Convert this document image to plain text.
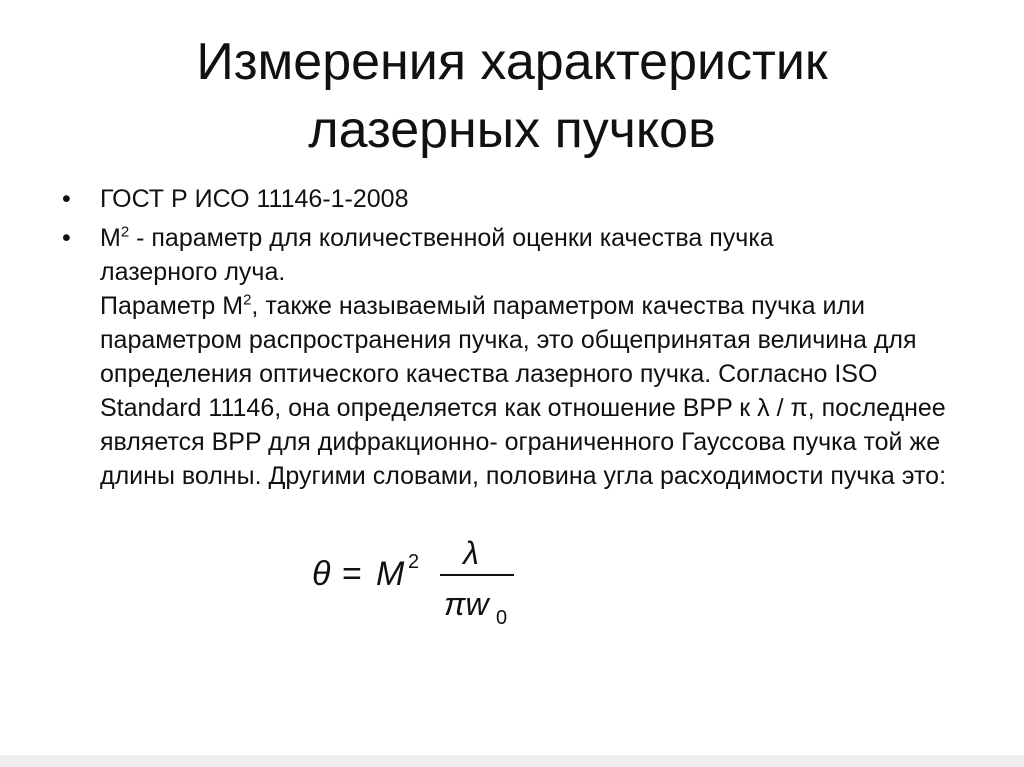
Измерения характеристик
лазерных пучков
•	ГОСТ Р ИСО 11146-1-2008
•	$М^2$ - параметр для количественной оценки качества пучка
лазерного луча.

Параметр $М^2$, также называемый параметром качества пучка или параметром распространения пучка, это общепринятая величина для определения оптического качества лазерного пучка. Согласно ISO Standard 11146, она определяется как отношение BPP к λ / π, последнее является BPP для дифракционно- ограниченного Гауссова пучка той же длины волны. Другими словами, половина угла расходимости пучка это:

θ = M 2 λ
πw 0
